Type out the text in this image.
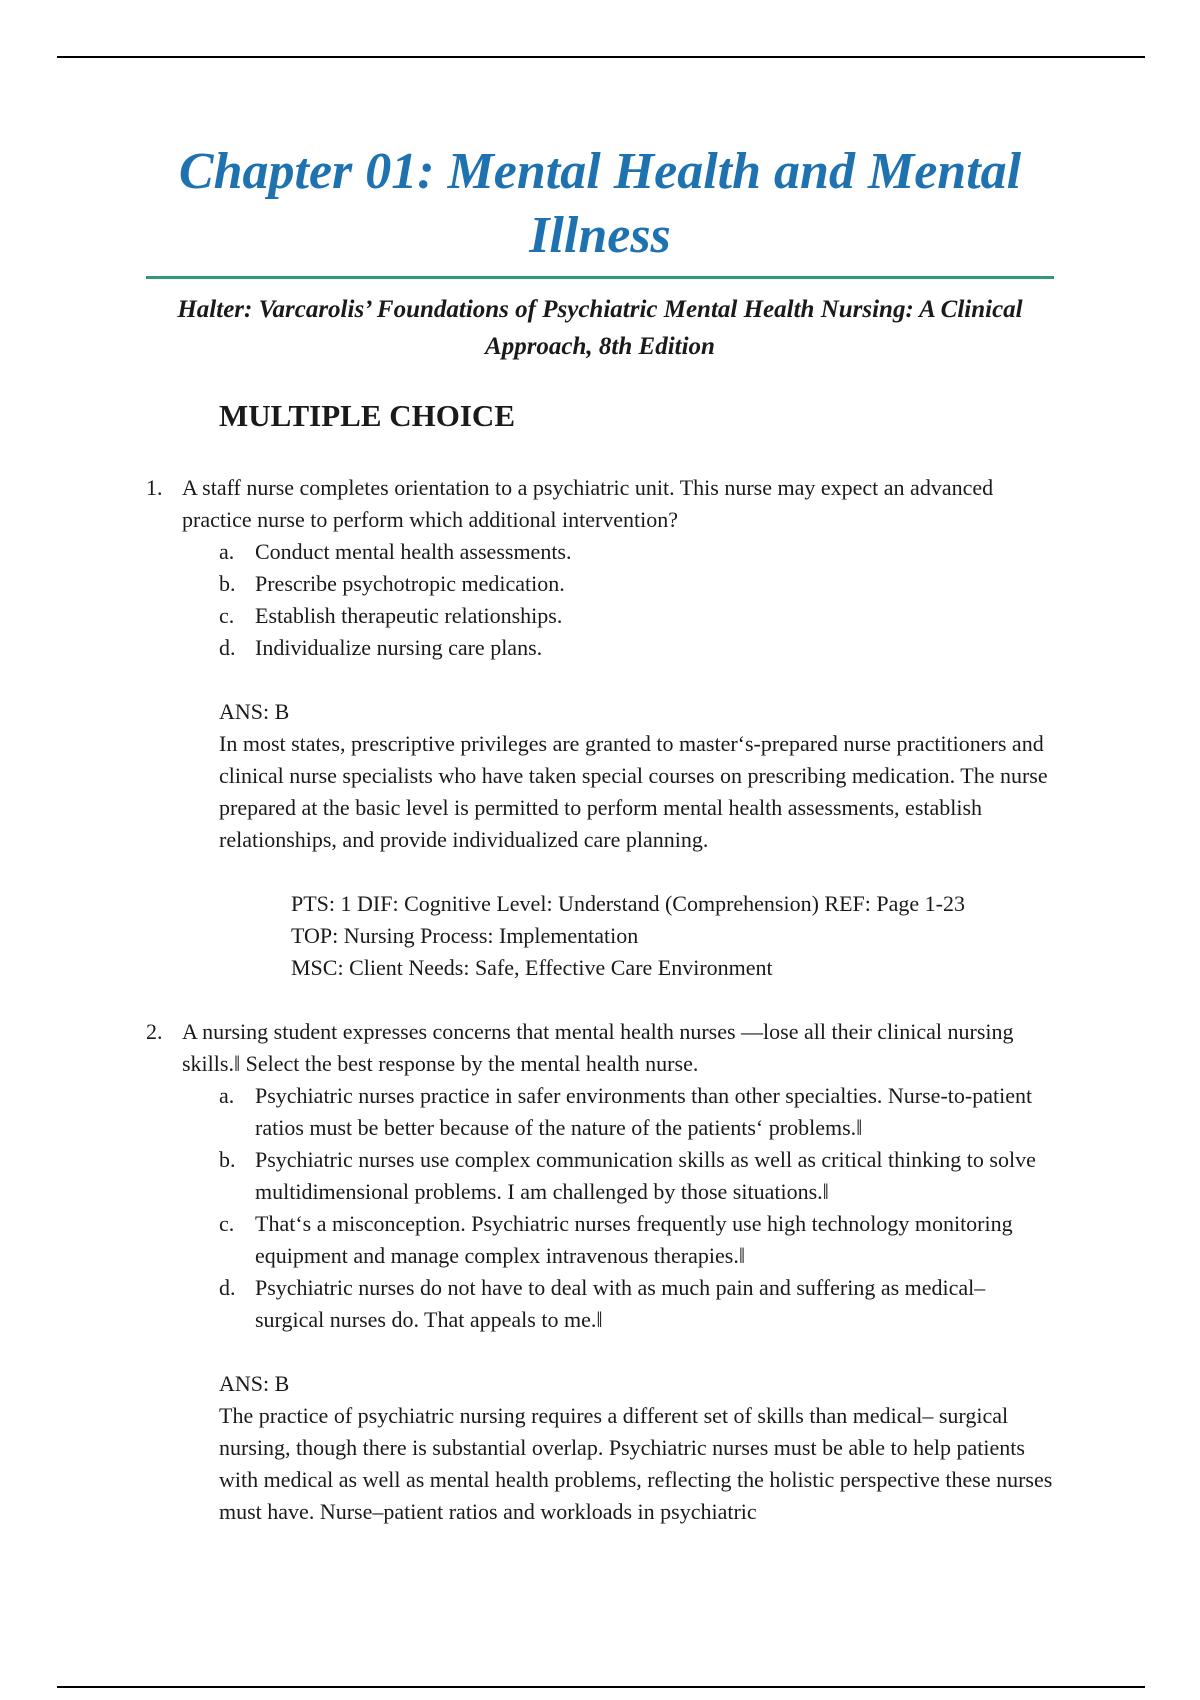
Chapter 01: Mental Health and Mental Illness

Halter: Varcarolis’ Foundations of Psychiatric Mental Health Nursing: A Clinical Approach, 8th Edition

MULTIPLE CHOICE
1. A staff nurse completes orientation to a psychiatric unit. This nurse may expect an advanced practice nurse to perform which additional intervention?

a. Conduct mental health assessments.
b. Prescribe psychotropic medication.
c. Establish therapeutic relationships.
d. Individualize nursing care plans.

ANS: B

In most states, prescriptive privileges are granted to master‘s-prepared nurse practitioners and clinical nurse specialists who have taken special courses on prescribing medication. The nurse prepared at the basic level is permitted to perform mental health assessments, establish relationships, and provide individualized care planning.

PTS: 1 DIF: Cognitive Level: Understand (Comprehension) REF: Page 1-23

TOP: Nursing Process: Implementation

MSC: Client Needs: Safe, Effective Care Environment

2. A nursing student expresses concerns that mental health nurses ―lose all their clinical nursing skills.‖ Select the best response by the mental health nurse.

a. Psychiatric nurses practice in safer environments than other specialties. Nurse-to-patient ratios must be better because of the nature of the patients‘ problems.‖
b. Psychiatric nurses use complex communication skills as well as critical thinking to solve multidimensional problems. I am challenged by those situations.‖
c. That‘s a misconception. Psychiatric nurses frequently use high technology monitoring equipment and manage complex intravenous therapies.‖
d. Psychiatric nurses do not have to deal with as much pain and suffering as medical– surgical nurses do. That appeals to me.‖

ANS: B

The practice of psychiatric nursing requires a different set of skills than medical– surgical nursing, though there is substantial overlap. Psychiatric nurses must be able to help patients with medical as well as mental health problems, reflecting the holistic perspective these nurses must have. Nurse–patient ratios and workloads in psychiatric
